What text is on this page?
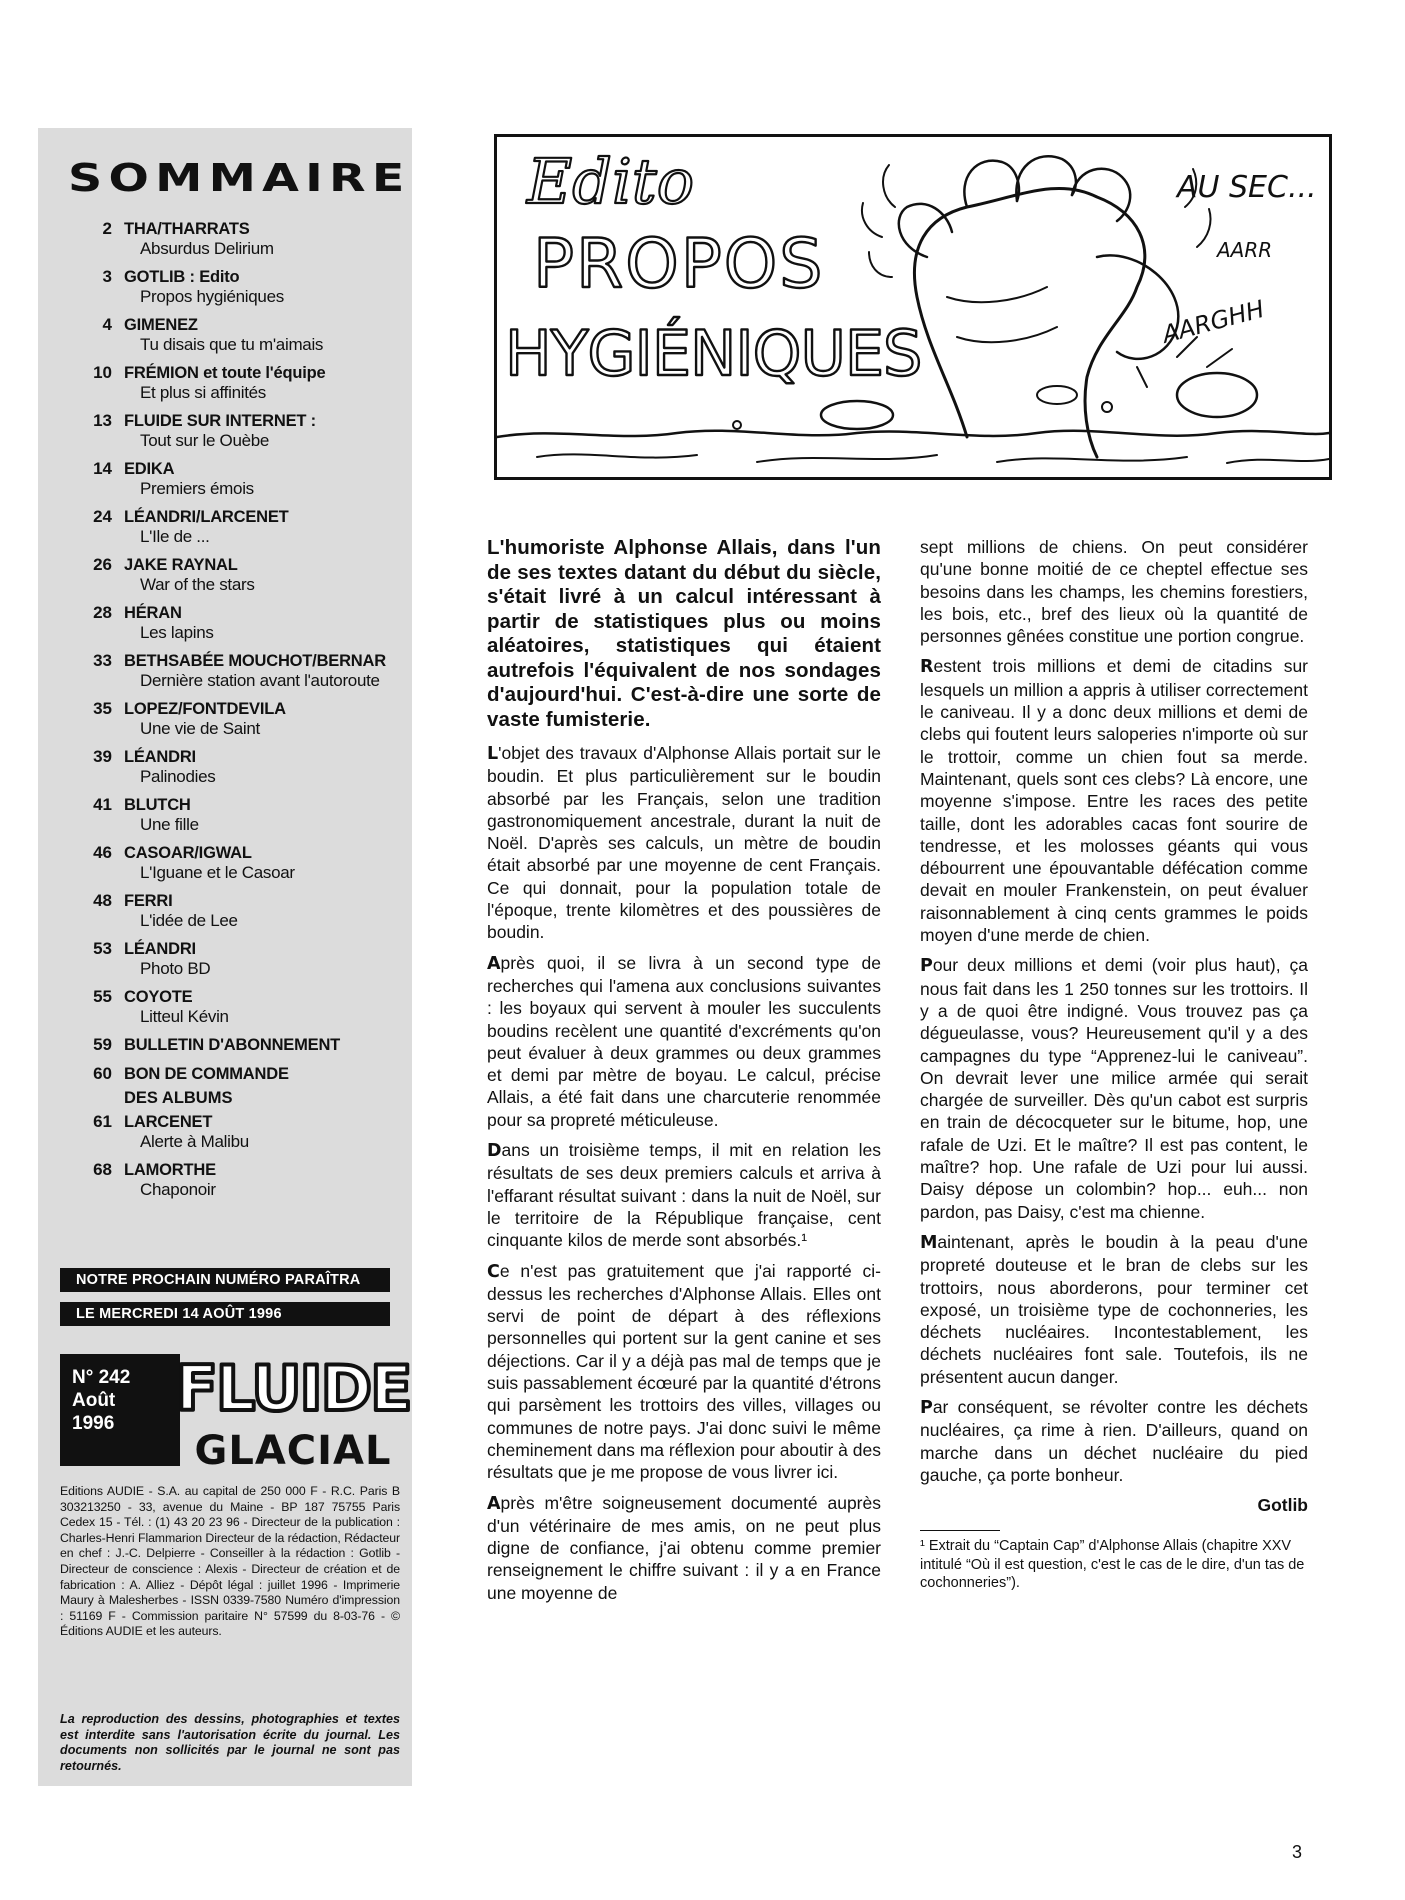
SOMMAIRE
2 THA/THARRATS
Absurdus Delirium
3 GOTLIB : Edito
Propos hygiéniques
4 GIMENEZ
Tu disais que tu m'aimais
10 FRÉMION et toute l'équipe
Et plus si affinités
13 FLUIDE SUR INTERNET :
Tout sur le Ouèbe
14 EDIKA
Premiers émois
24 LÉANDRI/LARCENET
L'Ile de ...
26 JAKE RAYNAL
War of the stars
28 HÉRAN
Les lapins
33 BETHSABÉE MOUCHOT/BERNAR
Dernière station avant l'autoroute
35 LOPEZ/FONTDEVILA
Une vie de Saint
39 LÉANDRI
Palinodies
41 BLUTCH
Une fille
46 CASOAR/IGWAL
L'Iguane et le Casoar
48 FERRI
L'idée de Lee
53 LÉANDRI
Photo BD
55 COYOTE
Litteul Kévin
59 BULLETIN D'ABONNEMENT
60 BON DE COMMANDE
DES ALBUMS
61 LARCENET
Alerte à Malibu
68 LAMORTHE
Chaponoir
NOTRE PROCHAIN NUMÉRO PARAÎTRA
LE MERCREDI 14 AOÛT 1996
N° 242
Août
1996 FLUIDE
GLACIAL
Editions AUDIE - S.A. au capital de 250 000 F - R.C. Paris B 303213250 - 33, avenue du Maine - BP 187 75755 Paris Cedex 15 - Tél. : (1) 43 20 23 96 - Directeur de la publication : Charles-Henri Flammarion Directeur de la rédaction, Rédacteur en chef : J.-C. Delpierre - Conseiller à la rédaction : Gotlib - Directeur de conscience : Alexis - Directeur de création et de fabrication : A. Alliez - Dépôt légal : juillet 1996 - Imprimerie Maury à Malesherbes - ISSN 0339-7580 Numéro d'impression : 51169 F - Commission paritaire N° 57599 du 8-03-76 - © Éditions AUDIE et les auteurs.
La reproduction des dessins, photographies et textes est interdite sans l'autorisation écrite du journal. Les documents non sollicités par le journal ne sont pas retournés.
Edito
PROPOS
HYGIÉNIQUES
AU SEC...
AARR
AARGHH

L'humoriste Alphonse Allais, dans l'un de ses textes datant du début du siècle, s'était livré à un calcul intéressant à partir de statistiques plus ou moins aléatoires, statistiques qui étaient autrefois l'équivalent de nos sondages d'aujourd'hui. C'est-à-dire une sorte de vaste fumisterie.

L'objet des travaux d'Alphonse Allais portait sur le boudin. Et plus particulièrement sur le boudin absorbé par les Français, selon une tradition gastronomiquement ancestrale, durant la nuit de Noël. D'après ses calculs, un mètre de boudin était absorbé par une moyenne de cent Français. Ce qui donnait, pour la population totale de l'époque, trente kilomètres et des poussières de boudin.

Après quoi, il se livra à un second type de recherches qui l'amena aux conclusions suivantes : les boyaux qui servent à mouler les succulents boudins recèlent une quantité d'excréments qu'on peut évaluer à deux grammes ou deux grammes et demi par mètre de boyau. Le calcul, précise Allais, a été fait dans une charcuterie renommée pour sa propreté méticuleuse.

Dans un troisième temps, il mit en relation les résultats de ses deux premiers calculs et arriva à l'effarant résultat suivant : dans la nuit de Noël, sur le territoire de la République française, cent cinquante kilos de merde sont absorbés.¹

Ce n'est pas gratuitement que j'ai rapporté ci-dessus les recherches d'Alphonse Allais. Elles ont servi de point de départ à des réflexions personnelles qui portent sur la gent canine et ses déjections. Car il y a déjà pas mal de temps que je suis passablement écœuré par la quantité d'étrons qui parsèment les trottoirs des villes, villages ou communes de notre pays. J'ai donc suivi le même cheminement dans ma réflexion pour aboutir à des résultats que je me propose de vous livrer ici.

Après m'être soigneusement documenté auprès d'un vétérinaire de mes amis, on ne peut plus digne de confiance, j'ai obtenu comme premier renseignement le chiffre suivant : il y a en France une moyenne de

sept millions de chiens. On peut considérer qu'une bonne moitié de ce cheptel effectue ses besoins dans les champs, les chemins forestiers, les bois, etc., bref des lieux où la quantité de personnes gênées constitue une portion congrue.

Restent trois millions et demi de citadins sur lesquels un million a appris à utiliser correctement le caniveau. Il y a donc deux millions et demi de clebs qui foutent leurs saloperies n'importe où sur le trottoir, comme un chien fout sa merde. Maintenant, quels sont ces clebs? Là encore, une moyenne s'impose. Entre les races des petite taille, dont les adorables cacas font sourire de tendresse, et les molosses géants qui vous débourrent une épouvantable défécation comme devait en mouler Frankenstein, on peut évaluer raisonnablement à cinq cents grammes le poids moyen d'une merde de chien.

Pour deux millions et demi (voir plus haut), ça nous fait dans les 1 250 tonnes sur les trottoirs. Il y a de quoi être indigné. Vous trouvez pas ça dégueulasse, vous? Heureusement qu'il y a des campagnes du type “Apprenez-lui le caniveau”. On devrait lever une milice armée qui serait chargée de surveiller. Dès qu'un cabot est surpris en train de décocqueter sur le bitume, hop, une rafale de Uzi. Et le maître? Il est pas content, le maître? hop. Une rafale de Uzi pour lui aussi. Daisy dépose un colombin? hop... euh... non pardon, pas Daisy, c'est ma chienne.

Maintenant, après le boudin à la peau d'une propreté douteuse et le bran de clebs sur les trottoirs, nous aborderons, pour terminer cet exposé, un troisième type de cochonneries, les déchets nucléaires. Incontestablement, les déchets nucléaires font sale. Toutefois, ils ne présentent aucun danger.

Par conséquent, se révolter contre les déchets nucléaires, ça rime à rien. D'ailleurs, quand on marche dans un déchet nucléaire du pied gauche, ça porte bonheur.

Gotlib

¹ Extrait du “Captain Cap” d'Alphonse Allais (chapitre XXV intitulé “Où il est question, c'est le cas de le dire, d'un tas de cochonneries”).

3
